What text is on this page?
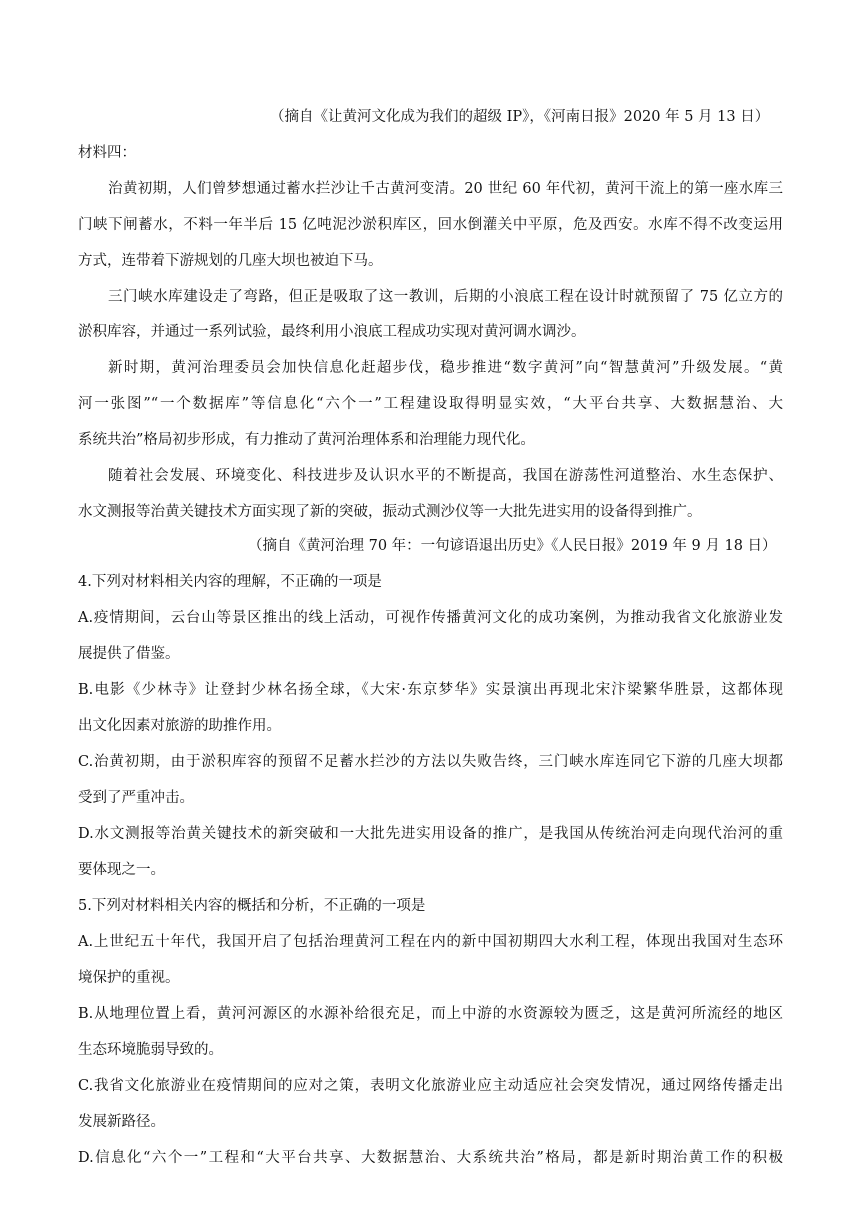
（摘自《让黄河文化成为我们的超级 IP》，《河南日报》2020 年 5 月 13 日）
材料四：
治黄初期，人们曾梦想通过蓄水拦沙让千古黄河变清。20 世纪 60 年代初，黄河干流上的第一座水库三
门峡下闸蓄水，不料一年半后 15 亿吨泥沙淤积库区，回水倒灌关中平原，危及西安。水库不得不改变运用
方式，连带着下游规划的几座大坝也被迫下马。
三门峡水库建设走了弯路，但正是吸取了这一教训，后期的小浪底工程在设计时就预留了 75 亿立方的
淤积库容，并通过一系列试验，最终利用小浪底工程成功实现对黄河调水调沙。
新时期，黄河治理委员会加快信息化赶超步伐，稳步推进“数字黄河”向“智慧黄河”升级发展。“黄
河一张图”“一个数据库”等信息化“六个一”工程建设取得明显实效，“大平台共享、大数据慧治、大
系统共治”格局初步形成，有力推动了黄河治理体系和治理能力现代化。
随着社会发展、环境变化、科技进步及认识水平的不断提高，我国在游荡性河道整治、水生态保护、
水文测报等治黄关键技术方面实现了新的突破，振动式测沙仪等一大批先进实用的设备得到推广。
（摘自《黄河治理 70 年：一句谚语退出历史》《人民日报》2019 年 9 月 18 日）
4.下列对材料相关内容的理解，不正确的一项是
A.疫情期间，云台山等景区推出的线上活动，可视作传播黄河文化的成功案例，为推动我省文化旅游业发
展提供了借鉴。
B.电影《少林寺》让登封少林名扬全球，《大宋·东京梦华》实景演出再现北宋汴梁繁华胜景，这都体现
出文化因素对旅游的助推作用。
C.治黄初期，由于淤积库容的预留不足蓄水拦沙的方法以失败告终，三门峡水库连同它下游的几座大坝都
受到了严重冲击。
D.水文测报等治黄关键技术的新突破和一大批先进实用设备的推广，是我国从传统治河走向现代治河的重
要体现之一。
5.下列对材料相关内容的概括和分析，不正确的一项是
A.上世纪五十年代，我国开启了包括治理黄河工程在内的新中国初期四大水利工程，体现出我国对生态环
境保护的重视。
B.从地理位置上看，黄河河源区的水源补给很充足，而上中游的水资源较为匮乏，这是黄河所流经的地区
生态环境脆弱导致的。
C.我省文化旅游业在疫情期间的应对之策，表明文化旅游业应主动适应社会突发情况，通过网络传播走出
发展新路径。
D.信息化“六个一”工程和“大平台共享、大数据慧治、大系统共治”格局，都是新时期治黄工作的积极
